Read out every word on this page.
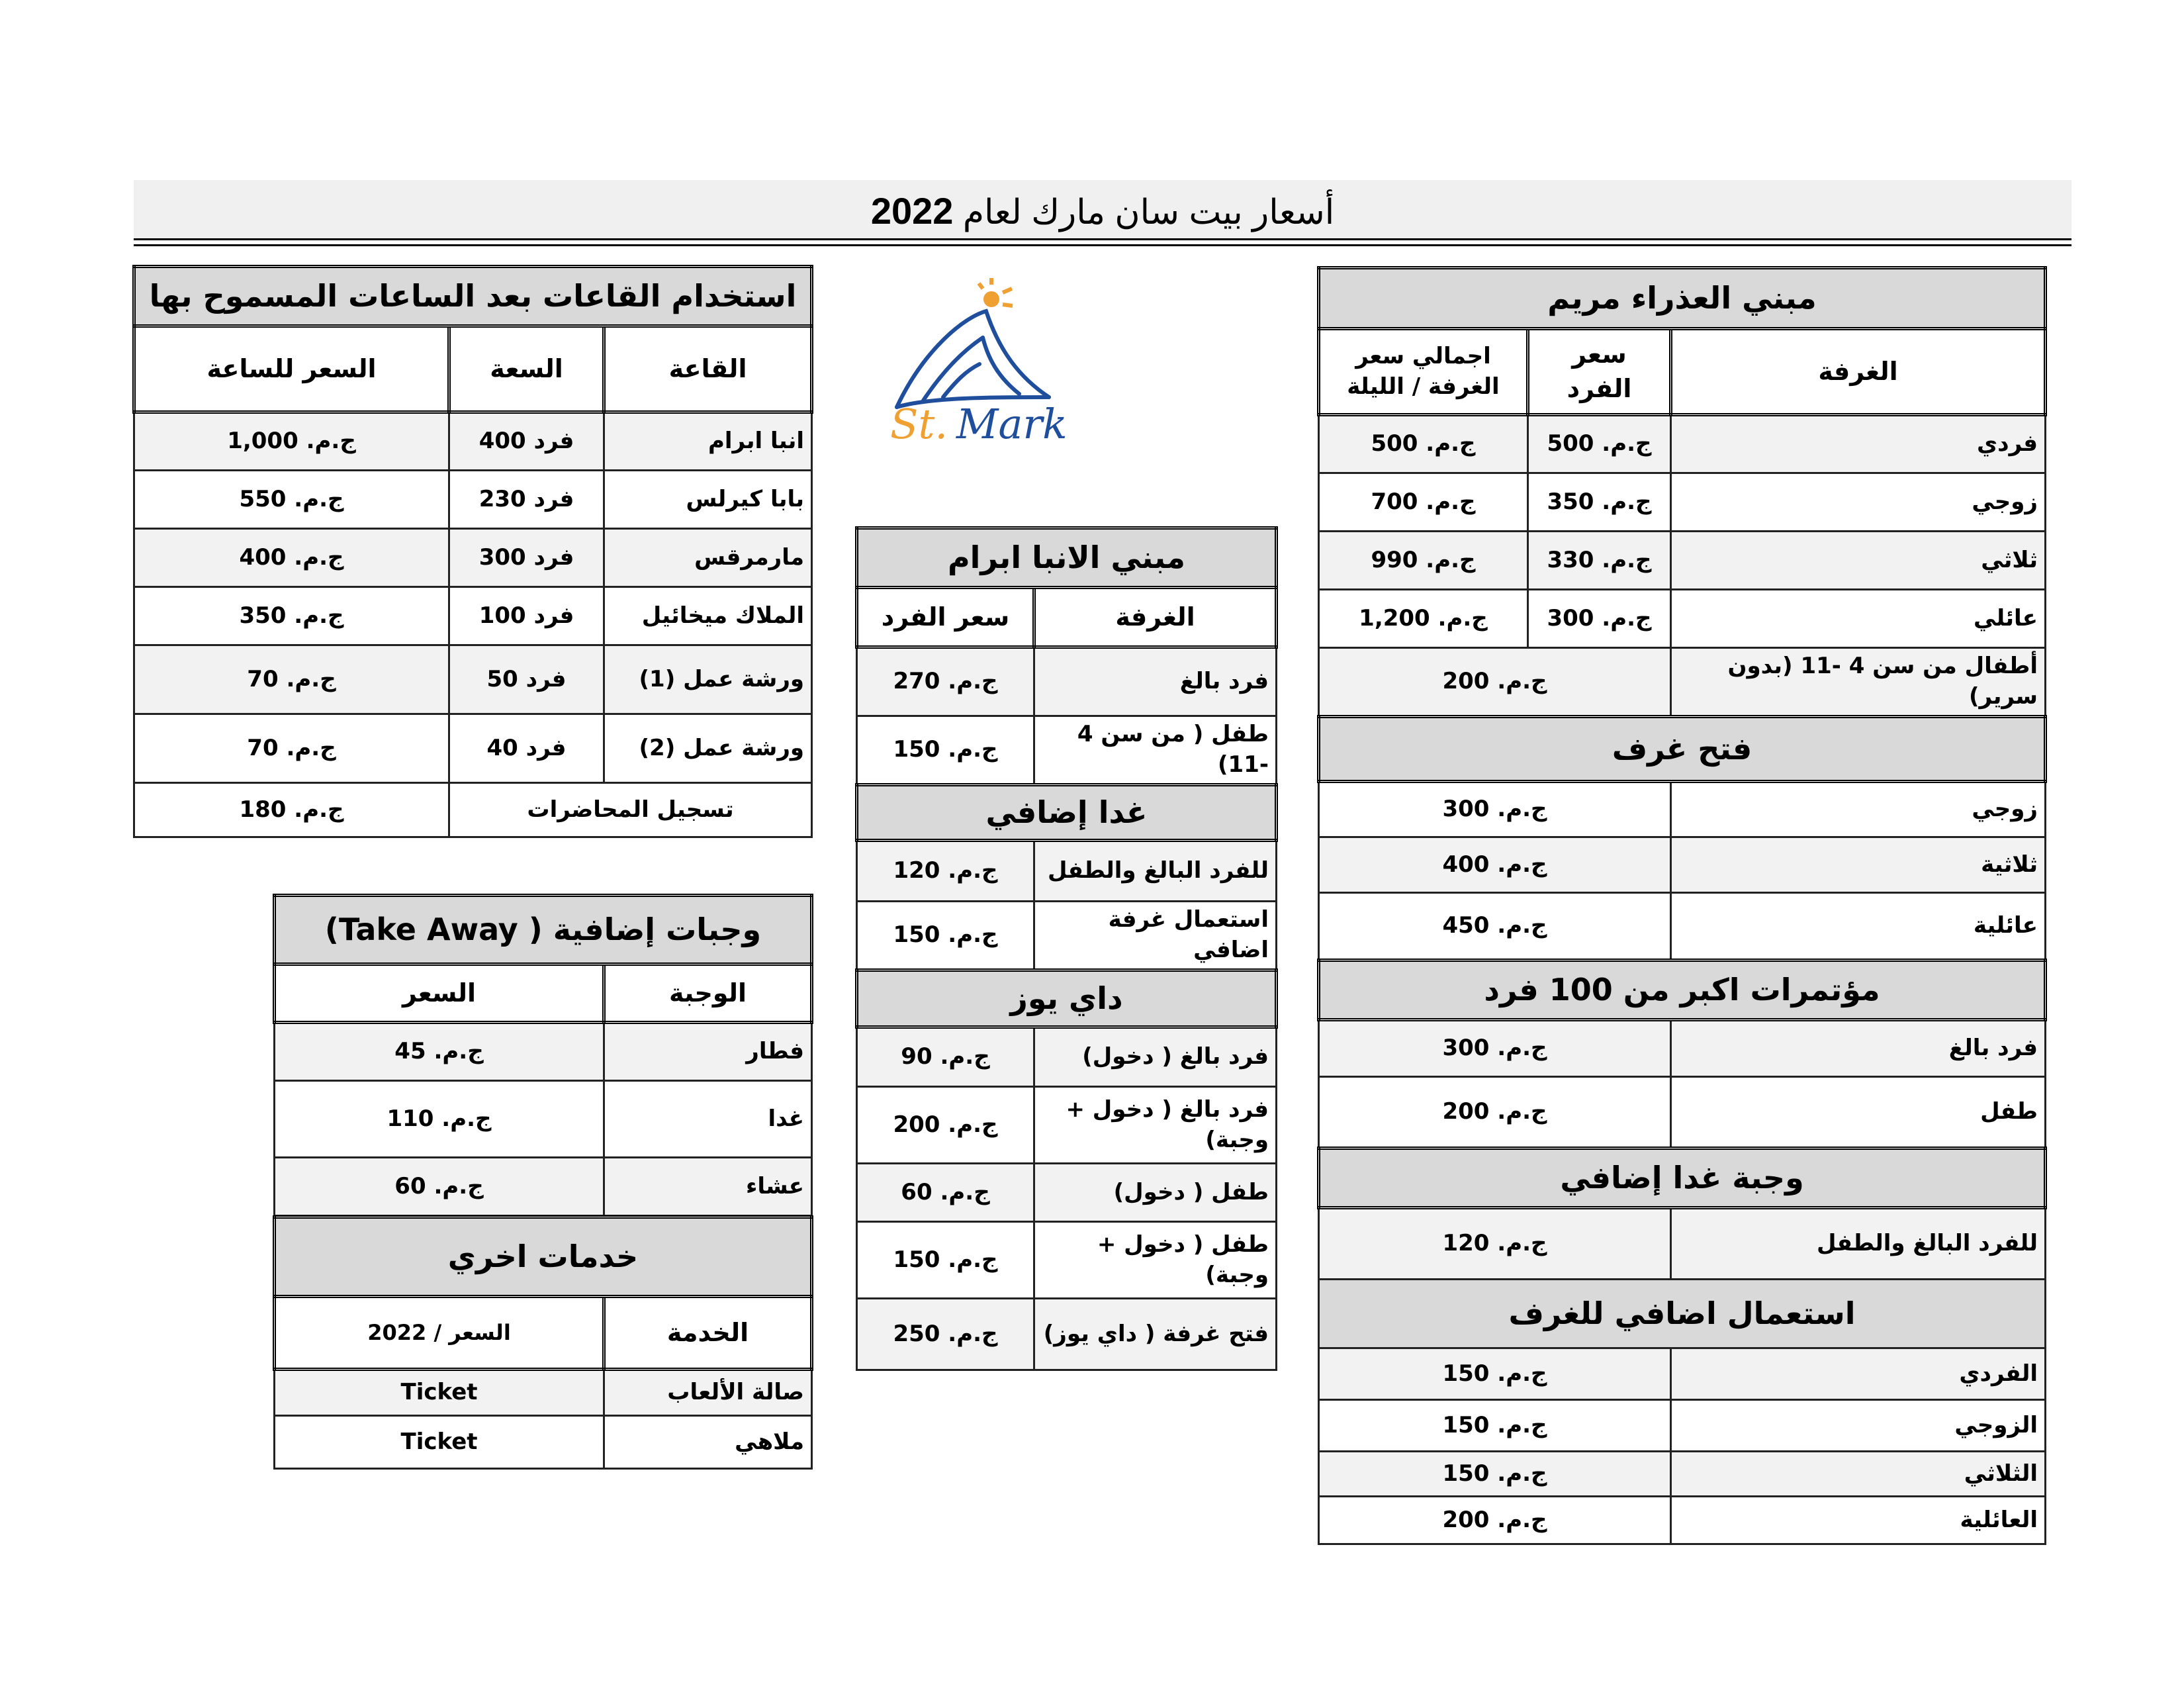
أسعار بيت سان مارك لعام 2022
St. Mark
مبني العذراء مريم		
الغرفة	سعر الفرد	اجمالي سعر الغرفة / الليلة
فردي	ج.م. 500	ج.م. 500
زوجي	ج.م. 350	ج.م. 700
ثلاثي	ج.م. 330	ج.م. 990
عائلي	ج.م. 300	ج.م. 1,200
أطفال من سن 4 -11 (بدون سرير)	ج.م. 200	
فتح غرف		
زوجي	ج.م. 300	
ثلاثية	ج.م. 400	
عائلية	ج.م. 450	
مؤتمرات اكبر من 100 فرد		
فرد بالغ	ج.م. 300	
طفل	ج.م. 200	
وجبة غدا إضافي		
للفرد البالغ والطفل	ج.م. 120	
استعمال اضافي للغرف		
الفردي	ج.م. 150	
الزوجي	ج.م. 150	
الثلاثي	ج.م. 150	
العائلية	ج.م. 200	
مبني الانبا ابرام	
الغرفة	سعر الفرد
فرد بالغ	ج.م. 270
طفل ( من سن 4 -11)	ج.م. 150
غدا إضافي	
للفرد البالغ والطفل	ج.م. 120
استعمال غرفة اضافي	ج.م. 150
داي يوز	
فرد بالغ ( دخول)	ج.م. 90
فرد بالغ ( دخول + وجبة)	ج.م. 200
طفل ( دخول)	ج.م. 60
طفل ( دخول + وجبة)	ج.م. 150
فتح غرفة ( داي يوز)	ج.م. 250
استخدام القاعات بعد الساعات المسموح بها		
القاعة	السعة	السعر للساعة
انبا ابرام	فرد 400	ج.م. 1,000
بابا كيرلس	فرد 230	ج.م. 550
مارمرقس	فرد 300	ج.م. 400
الملاك ميخائيل	فرد 100	ج.م. 350
ورشة عمل (1)	فرد 50	ج.م. 70
ورشة عمل (2)	فرد 40	ج.م. 70
تسجيل المحاضرات		ج.م. 180
وجبات إضافية ( Take Away)	
الوجبة	السعر
فطار	ج.م. 45
غدا	ج.م. 110
عشاء	ج.م. 60
خدمات اخري	
الخدمة	السعر / 2022
صالة الألعاب	Ticket
ملاهي	Ticket
